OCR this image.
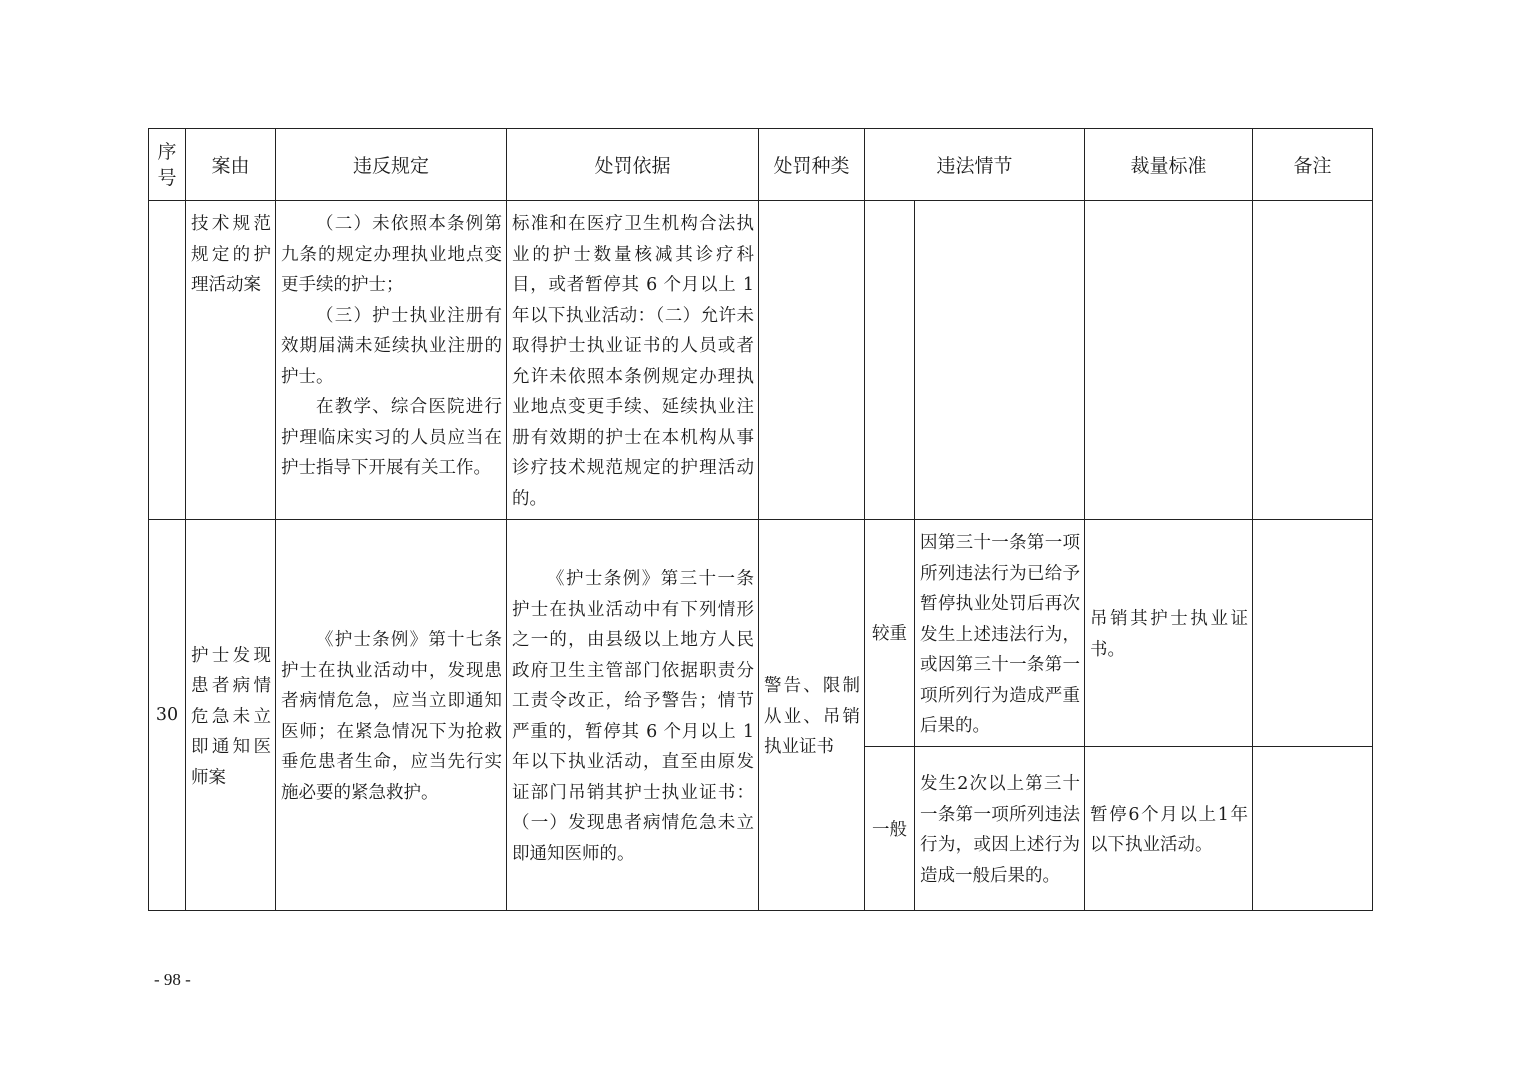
序号	案由	违反规定	处罚依据	处罚种类	违法情节		裁量标准	备注

	技术规范规定的护理活动案	（二）未依照本条例第九条的规定办理执业地点变更手续的护士；
（三）护士执业注册有效期届满未延续执业注册的护士。
在教学、综合医院进行护理临床实习的人员应当在护士指导下开展有关工作。	标准和在医疗卫生机构合法执业的护士数量核减其诊疗科目，或者暂停其 6 个月以上 1 年以下执业活动：（二）允许未取得护士执业证书的人员或者允许未依照本条例规定办理执业地点变更手续、延续执业注册有效期的护士在本机构从事诊疗技术规范规定的护理活动的。					

30	护士发现患者病情危急未立即通知医师案	《护士条例》第十七条护士在执业活动中，发现患者病情危急，应当立即通知医师；在紧急情况下为抢救垂危患者生命，应当先行实施必要的紧急救护。	《护士条例》第三十一条护士在执业活动中有下列情形之一的，由县级以上地方人民政府卫生主管部门依据职责分工责令改正，给予警告；情节严重的，暂停其 6 个月以上 1 年以下执业活动，直至由原发证部门吊销其护士执业证书：（一）发现患者病情危急未立即通知医师的。	警告、限制从业、吊销执业证书	较重	因第三十一条第一项所列违法行为已给予暂停执业处罚后再次发生上述违法行为，或因第三十一条第一项所列行为造成严重后果的。	吊销其护士执业证书。	

					一般	发生2次以上第三十一条第一项所列违法行为，或因上述行为造成一般后果的。	暂停6个月以上1年以下执业活动。	

- 98 -
